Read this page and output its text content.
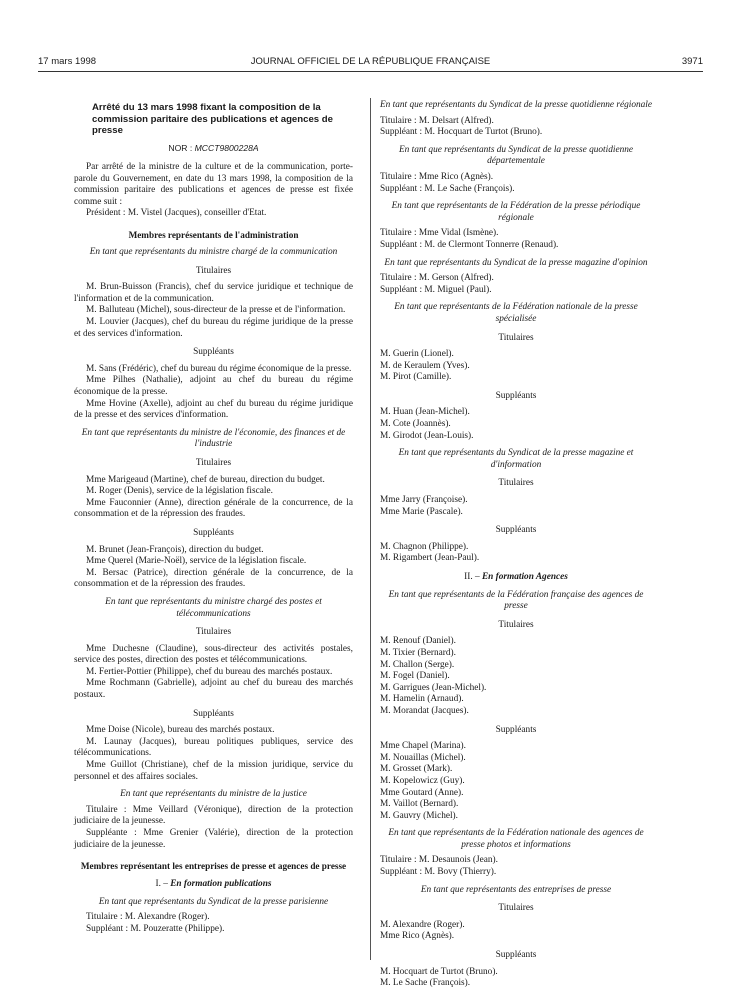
17 mars 1998	JOURNAL OFFICIEL DE LA RÉPUBLIQUE FRANÇAISE	3971
Arrêté du 13 mars 1998 fixant la composition de la commission paritaire des publications et agences de presse
NOR : MCCT9800228A

Par arrêté de la ministre de la culture et de la communication, porte-parole du Gouvernement, en date du 13 mars 1998, la composition de la commission paritaire des publications et agences de presse est fixée comme suit :

Président : M. Vistel (Jacques), conseiller d'Etat.

Membres représentants de l'administration
En tant que représentants du ministre chargé de la communication
Titulaires

M. Brun-Buisson (Francis), chef du service juridique et technique de l'information et de la communication.

M. Balluteau (Michel), sous-directeur de la presse et de l'information.

M. Louvier (Jacques), chef du bureau du régime juridique de la presse et des services d'information.

Suppléants

M. Sans (Frédéric), chef du bureau du régime économique de la presse.

Mme Pilhes (Nathalie), adjoint au chef du bureau du régime économique de la presse.

Mme Hovine (Axelle), adjoint au chef du bureau du régime juridique de la presse et des services d'information.

En tant que représentants du ministre de l'économie, des finances et de l'industrie
Titulaires

Mme Marigeaud (Martine), chef de bureau, direction du budget.

M. Roger (Denis), service de la législation fiscale.

Mme Fauconnier (Anne), direction générale de la concurrence, de la consommation et de la répression des fraudes.

Suppléants

M. Brunet (Jean-François), direction du budget.

Mme Querel (Marie-Noël), service de la législation fiscale.

M. Bersac (Patrice), direction générale de la concurrence, de la consommation et de la répression des fraudes.

En tant que représentants du ministre chargé des postes et télécommunications
Titulaires

Mme Duchesne (Claudine), sous-directeur des activités postales, service des postes, direction des postes et télécommunications.

M. Fertier-Pottier (Philippe), chef du bureau des marchés postaux.

Mme Rochmann (Gabrielle), adjoint au chef du bureau des marchés postaux.

Suppléants

Mme Doise (Nicole), bureau des marchés postaux.

M. Launay (Jacques), bureau politiques publiques, service des télécommunications.

Mme Guillot (Christiane), chef de la mission juridique, service du personnel et des affaires sociales.

En tant que représentants du ministre de la justice

Titulaire : Mme Veillard (Véronique), direction de la protection judiciaire de la jeunesse.

Suppléante : Mme Grenier (Valérie), direction de la protection judiciaire de la jeunesse.

Membres représentant les entreprises de presse et agences de presse
I. – En formation publications
En tant que représentants du Syndicat de la presse parisienne

Titulaire : M. Alexandre (Roger).

Suppléant : M. Pouzeratte (Philippe).

En tant que représentants du Syndicat de la presse quotidienne régionale

Titulaire : M. Delsart (Alfred).

Suppléant : M. Hocquart de Turtot (Bruno).

En tant que représentants du Syndicat de la presse quotidienne départementale

Titulaire : Mme Rico (Agnès).

Suppléant : M. Le Sache (François).

En tant que représentants de la Fédération de la presse périodique régionale

Titulaire : Mme Vidal (Ismène).

Suppléant : M. de Clermont Tonnerre (Renaud).

En tant que représentants du Syndicat de la presse magazine d'opinion

Titulaire : M. Gerson (Alfred).

Suppléant : M. Miguel (Paul).

En tant que représentants de la Fédération nationale de la presse spécialisée
Titulaires

M. Guerin (Lionel).

M. de Keraulem (Yves).

M. Pirot (Camille).

Suppléants

M. Huan (Jean-Michel).

M. Cote (Joannès).

M. Girodot (Jean-Louis).

En tant que représentants du Syndicat de la presse magazine et d'information
Titulaires

Mme Jarry (Françoise).

Mme Marie (Pascale).

Suppléants

M. Chagnon (Philippe).

M. Rigambert (Jean-Paul).

II. – En formation Agences
En tant que représentants de la Fédération française des agences de presse
Titulaires

M. Renouf (Daniel).

M. Tixier (Bernard).

M. Challon (Serge).

M. Fogel (Daniel).

M. Garrigues (Jean-Michel).

M. Hamelin (Arnaud).

M. Morandat (Jacques).

Suppléants

Mme Chapel (Marina).

M. Nouaillas (Michel).

M. Grosset (Mark).

M. Kopelowicz (Guy).

Mme Goutard (Anne).

M. Vaillot (Bernard).

M. Gauvry (Michel).

En tant que représentants de la Fédération nationale des agences de presse photos et informations

Titulaire : M. Desaunois (Jean).

Suppléant : M. Bovy (Thierry).

En tant que représentants des entreprises de presse
Titulaires

M. Alexandre (Roger).

Mme Rico (Agnès).

Suppléants

M. Hocquart de Turtot (Bruno).

M. Le Sache (François).
